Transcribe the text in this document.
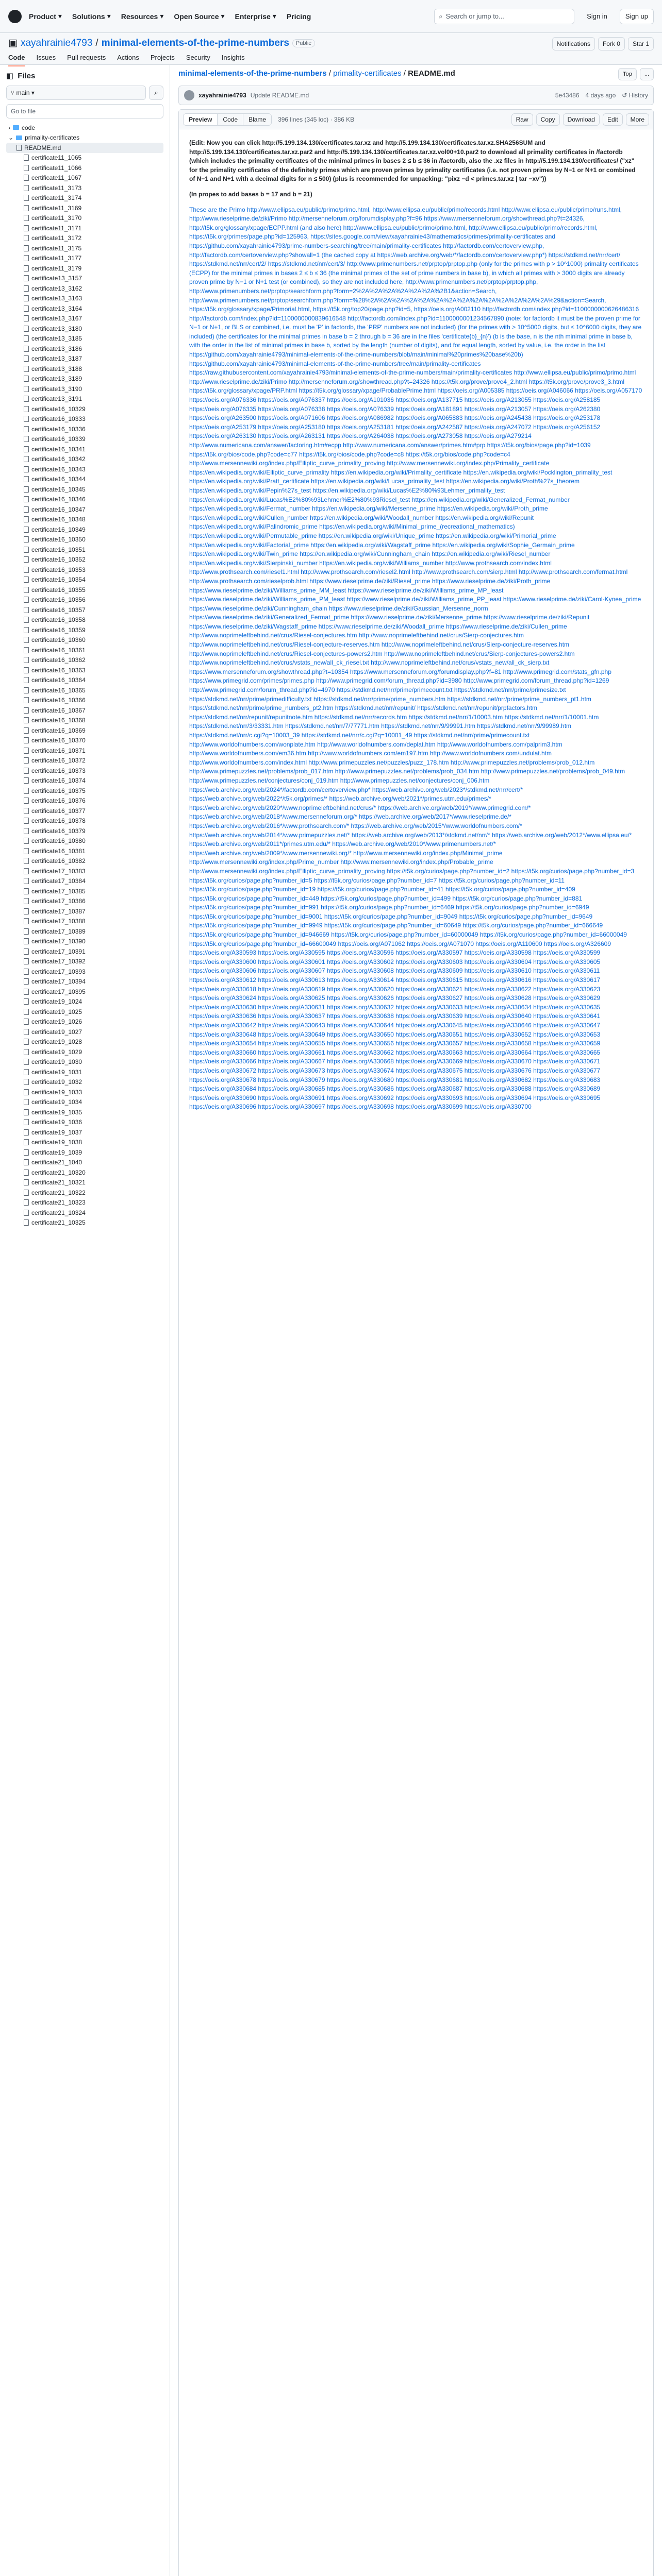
Product ▾ Solutions ▾ Resources ▾ Open Source ▾ Enterprise ▾ Pricing	⌕ Search or jump to...	Sign in	Sign up
▣ xayahrainie4793 / minimal-elements-of-the-prime-numbers	Public	Notifications	Fork 0	Star 1
Code Issues Pull requests Actions Projects Security Insights
◧ Files
⑂ main ▾	⌕
Go to file
› code
⌄ primality-certificates
README.md
certificate11_1065
certificate11_1066
certificate11_1067
certificate11_3173
certificate11_3174
certificate11_3169
certificate11_3170
certificate11_3171
certificate11_3172
certificate11_3175
certificate11_3177
certificate11_3179
certificate13_3157
certificate13_3162
certificate13_3163
certificate13_3164
certificate13_3167
certificate13_3180
certificate13_3185
certificate13_3186
certificate13_3187
certificate13_3188
certificate13_3189
certificate13_3190
certificate13_3191
certificate16_10329
certificate16_10333
certificate16_10336
certificate16_10339
certificate16_10341
certificate16_10342
certificate16_10343
certificate16_10344
certificate16_10345
certificate16_10346
certificate16_10347
certificate16_10348
certificate16_10349
certificate16_10350
certificate16_10351
certificate16_10352
certificate16_10353
certificate16_10354
certificate16_10355
certificate16_10356
certificate16_10357
certificate16_10358
certificate16_10359
certificate16_10360
certificate16_10361
certificate16_10362
certificate16_10363
certificate16_10364
certificate16_10365
certificate16_10366
certificate16_10367
certificate16_10368
certificate16_10369
certificate16_10370
certificate16_10371
certificate16_10372
certificate16_10373
certificate16_10374
certificate16_10375
certificate16_10376
certificate16_10377
certificate16_10378
certificate16_10379
certificate16_10380
certificate16_10381
certificate16_10382
certificate17_10383
certificate17_10384
certificate17_10385
certificate17_10386
certificate17_10387
certificate17_10388
certificate17_10389
certificate17_10390
certificate17_10391
certificate17_10392
certificate17_10393
certificate17_10394
certificate17_10395
certificate19_1024
certificate19_1025
certificate19_1026
certificate19_1027
certificate19_1028
certificate19_1029
certificate19_1030
certificate19_1031
certificate19_1032
certificate19_1033
certificate19_1034
certificate19_1035
certificate19_1036
certificate19_1037
certificate19_1038
certificate19_1039
certificate21_1040
certificate21_10320
certificate21_10321
certificate21_10322
certificate21_10323
certificate21_10324
certificate21_10325
minimal-elements-of-the-prime-numbers / primality-certificates / README.md	Top	...
xayahrainie4793 Update README.md	5e43486 4 days ago ↺ History
Preview	Code	Blame	396 lines (345 loc) · 386 KB	Raw	Copy	Download	Edit	More

(Edit: Now you can click http://5.199.134.130/certificates.tar.xz and http://5.199.134.130/certificates.tar.xz.SHA256SUM and http://5.199.134.130/certificates.tar.xz.par2 and http://5.199.134.130/certificates.tar.xz.vol00+10.par2 to download all primality certificates in /factordb (which includes the primality certificates of the minimal primes in bases 2 ≤ b ≤ 36 in /factordb, also the .xz files in http://5.199.134.130/certificates/ ("xz" for the primality certificates of the definitely primes which are proven primes by primality certificates (i.e. not proven primes by N−1 or N+1 or combined of N−1 and N+1 with a decimal digits for n ≤ 500) (plus is recommended for unpacking: "pixz −d < primes.tar.xz | tar −xv"))

(In propes to add bases b = 17 and b = 21)

These are the Primo http://www.ellipsa.eu/public/primo/primo.html, http://www.ellipsa.eu/public/primo/records.html http://www.ellipsa.eu/public/primo/runs.html, http://www.rieselprime.de/ziki/Primo http://mersenneforum.org/forumdisplay.php?f=96 https://www.mersenneforum.org/showthread.php?t=24326, http://t5k.org/glossary/xpage/ECPP.html (and also here) http://www.ellipsa.eu/public/primo/primo.html, http://www.ellipsa.eu/public/primo/records.html, https://t5k.org/primes/page.php?id=125963, https://sites.google.com/view/xayahrainie43/mathematics/primes/primality-certificates and https://github.com/xayahrainie4793/prime-numbers-searching/tree/main/primality-certificates http://factordb.com/certoverview.php, http://factordb.com/certoverview.php?showall=1 (the cached copy at https://web.archive.org/web/*/factordb.com/certoverview.php*) https://stdkmd.net/nrr/cert/ https://stdkmd.net/nrr/cert/2/ https://stdkmd.net/nrr/cert/3/ http://www.primenumbers.net/prptop/prptop.php (only for the primes with p > 10^1000) primality certificates (ECPP) for the minimal primes in bases 2 ≤ b ≤ 36 (the minimal primes of the set of prime numbers in base b), in which all primes with > 3000 digits are already proven prime by N−1 or N+1 test (or combined), so they are not included here, http://www.primenumbers.net/prptop/prptop.php, http://www.primenumbers.net/prptop/searchform.php?form=2%2A%2A%2A%2A%2A%2A%2B1&action=Search, http://www.primenumbers.net/prptop/searchform.php?form=%28%2A%2A%2A%2A%2A%2A%2A%2A%2A%2A%2A%2A%2A%2A%29&action=Search, https://t5k.org/glossary/xpage/Primorial.html, https://t5k.org/top20/page.php?id=5, https://oeis.org/A002110 http://factordb.com/index.php?id=1100000000626486316 http://factordb.com/index.php?id=1100000000839616548 http://factordb.com/index.php?id=1100000001234567890 (note: for factordb it must be the proven prime for N−1 or N+1, or BLS or combined, i.e. must be 'P' in factordb, the 'PRP' numbers are not included) (for the primes with > 10^5000 digits, but ≤ 10^6000 digits, they are included) (the certificates for the minimal primes in base b = 2 through b = 36 are in the files 'certificate{b}_{n}') (b is the base, n is the nth minimal prime in base b, with the order in the list of minimal primes in base b, sorted by the length (number of digits), and for equal length, sorted by value, i.e. the order in the list https://github.com/xayahrainie4793/minimal-elements-of-the-prime-numbers/blob/main/minimal%20primes%20base%20b) https://github.com/xayahrainie4793/minimal-elements-of-the-prime-numbers/tree/main/primality-certificates https://raw.githubusercontent.com/xayahrainie4793/minimal-elements-of-the-prime-numbers/main/primality-certificates http://www.ellipsa.eu/public/primo/primo.html http://www.rieselprime.de/ziki/Primo http://mersenneforum.org/showthread.php?t=24326 https://t5k.org/prove/prove4_2.html https://t5k.org/prove/prove3_3.html https://t5k.org/glossary/xpage/PRP.html https://t5k.org/glossary/xpage/ProbablePrime.html https://oeis.org/A005385 https://oeis.org/A046066 https://oeis.org/A057170 https://oeis.org/A076336 https://oeis.org/A076337 https://oeis.org/A101036 https://oeis.org/A137715 https://oeis.org/A213055 https://oeis.org/A258185 https://oeis.org/A076335 https://oeis.org/A076338 https://oeis.org/A076339 https://oeis.org/A181891 https://oeis.org/A213057 https://oeis.org/A262380 https://oeis.org/A263500 https://oeis.org/A071606 https://oeis.org/A086982 https://oeis.org/A065883 https://oeis.org/A245438 https://oeis.org/A253178 https://oeis.org/A253179 https://oeis.org/A253180 https://oeis.org/A253181 https://oeis.org/A242587 https://oeis.org/A247072 https://oeis.org/A256152 https://oeis.org/A263130 https://oeis.org/A263131 https://oeis.org/A264038 https://oeis.org/A273058 https://oeis.org/A279214 http://www.numericana.com/answer/factoring.htm#ecpp http://www.numericana.com/answer/primes.htm#prp https://t5k.org/bios/page.php?id=1039 https://t5k.org/bios/code.php?code=c77 https://t5k.org/bios/code.php?code=c8 https://t5k.org/bios/code.php?code=c4 http://www.mersennewiki.org/index.php/Elliptic_curve_primality_proving http://www.mersennewiki.org/index.php/Primality_certificate https://en.wikipedia.org/wiki/Elliptic_curve_primality https://en.wikipedia.org/wiki/Primality_certificate https://en.wikipedia.org/wiki/Pocklington_primality_test https://en.wikipedia.org/wiki/Pratt_certificate https://en.wikipedia.org/wiki/Lucas_primality_test https://en.wikipedia.org/wiki/Proth%27s_theorem https://en.wikipedia.org/wiki/Pepin%27s_test https://en.wikipedia.org/wiki/Lucas%E2%80%93Lehmer_primality_test https://en.wikipedia.org/wiki/Lucas%E2%80%93Lehmer%E2%80%93Riesel_test https://en.wikipedia.org/wiki/Generalized_Fermat_number https://en.wikipedia.org/wiki/Fermat_number https://en.wikipedia.org/wiki/Mersenne_prime https://en.wikipedia.org/wiki/Proth_prime https://en.wikipedia.org/wiki/Cullen_number https://en.wikipedia.org/wiki/Woodall_number https://en.wikipedia.org/wiki/Repunit https://en.wikipedia.org/wiki/Palindromic_prime https://en.wikipedia.org/wiki/Minimal_prime_(recreational_mathematics) https://en.wikipedia.org/wiki/Permutable_prime https://en.wikipedia.org/wiki/Unique_prime https://en.wikipedia.org/wiki/Primorial_prime https://en.wikipedia.org/wiki/Factorial_prime https://en.wikipedia.org/wiki/Wagstaff_prime https://en.wikipedia.org/wiki/Sophie_Germain_prime https://en.wikipedia.org/wiki/Twin_prime https://en.wikipedia.org/wiki/Cunningham_chain https://en.wikipedia.org/wiki/Riesel_number https://en.wikipedia.org/wiki/Sierpinski_number https://en.wikipedia.org/wiki/Williams_number http://www.prothsearch.com/index.html http://www.prothsearch.com/riesel1.html http://www.prothsearch.com/riesel2.html http://www.prothsearch.com/sierp.html http://www.prothsearch.com/fermat.html http://www.prothsearch.com/rieselprob.html https://www.rieselprime.de/ziki/Riesel_prime https://www.rieselprime.de/ziki/Proth_prime https://www.rieselprime.de/ziki/Williams_prime_MM_least https://www.rieselprime.de/ziki/Williams_prime_MP_least https://www.rieselprime.de/ziki/Williams_prime_PM_least https://www.rieselprime.de/ziki/Williams_prime_PP_least https://www.rieselprime.de/ziki/Carol-Kynea_prime https://www.rieselprime.de/ziki/Cunningham_chain https://www.rieselprime.de/ziki/Gaussian_Mersenne_norm https://www.rieselprime.de/ziki/Generalized_Fermat_prime https://www.rieselprime.de/ziki/Mersenne_prime https://www.rieselprime.de/ziki/Repunit https://www.rieselprime.de/ziki/Wagstaff_prime https://www.rieselprime.de/ziki/Woodall_prime https://www.rieselprime.de/ziki/Cullen_prime http://www.noprimeleftbehind.net/crus/Riesel-conjectures.htm http://www.noprimeleftbehind.net/crus/Sierp-conjectures.htm http://www.noprimeleftbehind.net/crus/Riesel-conjecture-reserves.htm http://www.noprimeleftbehind.net/crus/Sierp-conjecture-reserves.htm http://www.noprimeleftbehind.net/crus/Riesel-conjectures-powers2.htm http://www.noprimeleftbehind.net/crus/Sierp-conjectures-powers2.htm http://www.noprimeleftbehind.net/crus/vstats_new/all_ck_riesel.txt http://www.noprimeleftbehind.net/crus/vstats_new/all_ck_sierp.txt https://www.mersenneforum.org/showthread.php?t=10354 https://www.mersenneforum.org/forumdisplay.php?f=81 http://www.primegrid.com/stats_gfn.php https://www.primegrid.com/primes/primes.php http://www.primegrid.com/forum_thread.php?id=3980 http://www.primegrid.com/forum_thread.php?id=1269 http://www.primegrid.com/forum_thread.php?id=4970 https://stdkmd.net/nrr/prime/primecount.txt https://stdkmd.net/nrr/prime/primesize.txt https://stdkmd.net/nrr/prime/primedifficulty.txt https://stdkmd.net/nrr/prime/prime_numbers.htm https://stdkmd.net/nrr/prime/prime_numbers_pt1.htm https://stdkmd.net/nrr/prime/prime_numbers_pt2.htm https://stdkmd.net/nrr/repunit/ https://stdkmd.net/nrr/repunit/prpfactors.htm https://stdkmd.net/nrr/repunit/repunitnote.htm https://stdkmd.net/nrr/records.htm https://stdkmd.net/nrr/1/10003.htm https://stdkmd.net/nrr/1/10001.htm https://stdkmd.net/nrr/3/33331.htm https://stdkmd.net/nrr/7/77771.htm https://stdkmd.net/nrr/9/99991.htm https://stdkmd.net/nrr/9/99989.htm https://stdkmd.net/nrr/c.cgi?q=10003_39 https://stdkmd.net/nrr/c.cgi?q=10001_49 https://stdkmd.net/nrr/prime/primecount.txt http://www.worldofnumbers.com/wonplate.htm http://www.worldofnumbers.com/deplat.htm http://www.worldofnumbers.com/palprim3.htm http://www.worldofnumbers.com/em36.htm http://www.worldofnumbers.com/em197.htm http://www.worldofnumbers.com/undulat.htm http://www.worldofnumbers.com/index.html http://www.primepuzzles.net/puzzles/puzz_178.htm http://www.primepuzzles.net/problems/prob_012.htm http://www.primepuzzles.net/problems/prob_017.htm http://www.primepuzzles.net/problems/prob_034.htm http://www.primepuzzles.net/problems/prob_049.htm http://www.primepuzzles.net/conjectures/conj_019.htm http://www.primepuzzles.net/conjectures/conj_006.htm https://web.archive.org/web/2024*/factordb.com/certoverview.php* https://web.archive.org/web/2023*/stdkmd.net/nrr/cert/* https://web.archive.org/web/2022*/t5k.org/primes/* https://web.archive.org/web/2021*/primes.utm.edu/primes/* https://web.archive.org/web/2020*/www.noprimeleftbehind.net/crus/* https://web.archive.org/web/2019*/www.primegrid.com/* https://web.archive.org/web/2018*/www.mersenneforum.org/* https://web.archive.org/web/2017*/www.rieselprime.de/* https://web.archive.org/web/2016*/www.prothsearch.com/* https://web.archive.org/web/2015*/www.worldofnumbers.com/* https://web.archive.org/web/2014*/www.primepuzzles.net/* https://web.archive.org/web/2013*/stdkmd.net/nrr/* https://web.archive.org/web/2012*/www.ellipsa.eu/* https://web.archive.org/web/2011*/primes.utm.edu/* https://web.archive.org/web/2010*/www.primenumbers.net/* https://web.archive.org/web/2009*/www.mersennewiki.org/* http://www.mersennewiki.org/index.php/Minimal_prime http://www.mersennewiki.org/index.php/Prime_number http://www.mersennewiki.org/index.php/Probable_prime http://www.mersennewiki.org/index.php/Elliptic_curve_primality_proving https://t5k.org/curios/page.php?number_id=2 https://t5k.org/curios/page.php?number_id=3 https://t5k.org/curios/page.php?number_id=5 https://t5k.org/curios/page.php?number_id=7 https://t5k.org/curios/page.php?number_id=11 https://t5k.org/curios/page.php?number_id=19 https://t5k.org/curios/page.php?number_id=41 https://t5k.org/curios/page.php?number_id=409 https://t5k.org/curios/page.php?number_id=449 https://t5k.org/curios/page.php?number_id=499 https://t5k.org/curios/page.php?number_id=881 https://t5k.org/curios/page.php?number_id=991 https://t5k.org/curios/page.php?number_id=6469 https://t5k.org/curios/page.php?number_id=6949 https://t5k.org/curios/page.php?number_id=9001 https://t5k.org/curios/page.php?number_id=9049 https://t5k.org/curios/page.php?number_id=9649 https://t5k.org/curios/page.php?number_id=9949 https://t5k.org/curios/page.php?number_id=60649 https://t5k.org/curios/page.php?number_id=666649 https://t5k.org/curios/page.php?number_id=946669 https://t5k.org/curios/page.php?number_id=60000049 https://t5k.org/curios/page.php?number_id=66000049 https://t5k.org/curios/page.php?number_id=66600049 https://oeis.org/A071062 https://oeis.org/A071070 https://oeis.org/A110600 https://oeis.org/A326609 https://oeis.org/A330593 https://oeis.org/A330595 https://oeis.org/A330596 https://oeis.org/A330597 https://oeis.org/A330598 https://oeis.org/A330599 https://oeis.org/A330600 https://oeis.org/A330601 https://oeis.org/A330602 https://oeis.org/A330603 https://oeis.org/A330604 https://oeis.org/A330605 https://oeis.org/A330606 https://oeis.org/A330607 https://oeis.org/A330608 https://oeis.org/A330609 https://oeis.org/A330610 https://oeis.org/A330611 https://oeis.org/A330612 https://oeis.org/A330613 https://oeis.org/A330614 https://oeis.org/A330615 https://oeis.org/A330616 https://oeis.org/A330617 https://oeis.org/A330618 https://oeis.org/A330619 https://oeis.org/A330620 https://oeis.org/A330621 https://oeis.org/A330622 https://oeis.org/A330623 https://oeis.org/A330624 https://oeis.org/A330625 https://oeis.org/A330626 https://oeis.org/A330627 https://oeis.org/A330628 https://oeis.org/A330629 https://oeis.org/A330630 https://oeis.org/A330631 https://oeis.org/A330632 https://oeis.org/A330633 https://oeis.org/A330634 https://oeis.org/A330635 https://oeis.org/A330636 https://oeis.org/A330637 https://oeis.org/A330638 https://oeis.org/A330639 https://oeis.org/A330640 https://oeis.org/A330641 https://oeis.org/A330642 https://oeis.org/A330643 https://oeis.org/A330644 https://oeis.org/A330645 https://oeis.org/A330646 https://oeis.org/A330647 https://oeis.org/A330648 https://oeis.org/A330649 https://oeis.org/A330650 https://oeis.org/A330651 https://oeis.org/A330652 https://oeis.org/A330653 https://oeis.org/A330654 https://oeis.org/A330655 https://oeis.org/A330656 https://oeis.org/A330657 https://oeis.org/A330658 https://oeis.org/A330659 https://oeis.org/A330660 https://oeis.org/A330661 https://oeis.org/A330662 https://oeis.org/A330663 https://oeis.org/A330664 https://oeis.org/A330665 https://oeis.org/A330666 https://oeis.org/A330667 https://oeis.org/A330668 https://oeis.org/A330669 https://oeis.org/A330670 https://oeis.org/A330671 https://oeis.org/A330672 https://oeis.org/A330673 https://oeis.org/A330674 https://oeis.org/A330675 https://oeis.org/A330676 https://oeis.org/A330677 https://oeis.org/A330678 https://oeis.org/A330679 https://oeis.org/A330680 https://oeis.org/A330681 https://oeis.org/A330682 https://oeis.org/A330683 https://oeis.org/A330684 https://oeis.org/A330685 https://oeis.org/A330686 https://oeis.org/A330687 https://oeis.org/A330688 https://oeis.org/A330689 https://oeis.org/A330690 https://oeis.org/A330691 https://oeis.org/A330692 https://oeis.org/A330693 https://oeis.org/A330694 https://oeis.org/A330695 https://oeis.org/A330696 https://oeis.org/A330697 https://oeis.org/A330698 https://oeis.org/A330699 https://oeis.org/A330700
